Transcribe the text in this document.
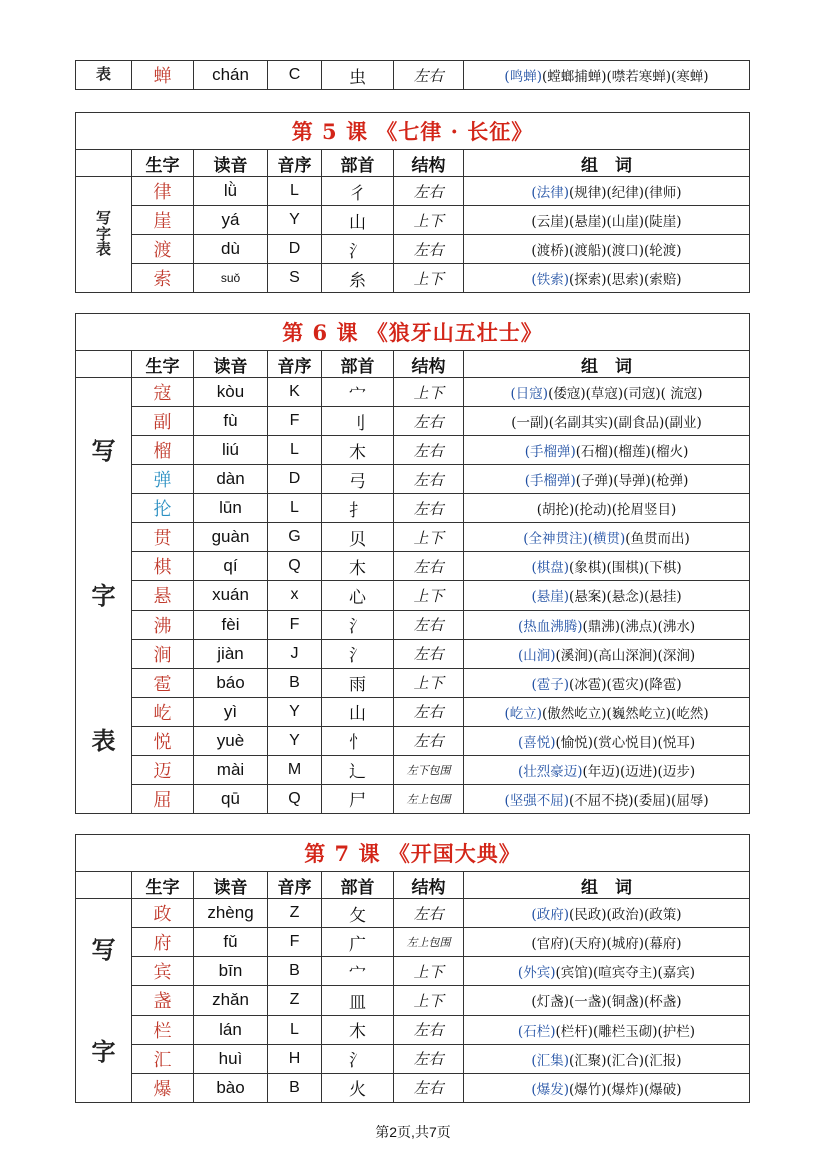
表	蝉	chán	C	虫	左右	(鸣蝉)(螳螂捕蝉)(噤若寒蝉)(寒蝉)
第 5 课 《七律 · 长征》						
	生字	读音	音序	部首	结构	组　词

写字表	律	lǜ	L	彳	左右	(法律)(规律)(纪律)(律师)
	崖	yá	Y	山	上下	(云崖)(悬崖)(山崖)(陡崖)
	渡	dù	D	氵	左右	(渡桥)(渡船)(渡口)(轮渡)
	索	suǒ	S	糸	上下	(铁索)(探索)(思索)(索赔)
第 6 课 《狼牙山五壮士》						
	生字	读音	音序	部首	结构	组　词

写
字
表	寇	kòu	K	宀	上下	(日寇)(倭寇)(草寇)(司寇)( 流寇)
	副	fù	F	刂	左右	(一副)(名副其实)(副食品)(副业)
	榴	liú	L	木	左右	(手榴弹)(石榴)(榴莲)(榴火)
	弹	dàn	D	弓	左右	(手榴弹)(子弹)(导弹)(枪弹)
	抡	lūn	L	扌	左右	(胡抡)(抡动)(抡眉竖目)
	贯	guàn	G	贝	上下	(全神贯注)(横贯)(鱼贯而出)
	棋	qí	Q	木	左右	(棋盘)(象棋)(围棋)(下棋)
	悬	xuán	x	心	上下	(悬崖)(悬案)(悬念)(悬挂)
	沸	fèi	F	氵	左右	(热血沸腾)(鼎沸)(沸点)(沸水)
	涧	jiàn	J	氵	左右	(山涧)(溪涧)(高山深涧)(深涧)
	雹	báo	B	雨	上下	(雹子)(冰雹)(雹灾)(降雹)
	屹	yì	Y	山	左右	(屹立)(傲然屹立)(巍然屹立)(屹然)
	悦	yuè	Y	忄	左右	(喜悦)(愉悦)(赏心悦目)(悦耳)
	迈	mài	M	辶	左下包围	(壮烈豪迈)(年迈)(迈进)(迈步)
	屈	qū	Q	尸	左上包围	(坚强不屈)(不屈不挠)(委屈)(屈辱)
第 7 课 《开国大典》						
	生字	读音	音序	部首	结构	组　词

写
字	政	zhèng	Z	攵	左右	(政府)(民政)(政治)(政策)
	府	fǔ	F	广	左上包围	(官府)(天府)(城府)(幕府)
	宾	bīn	B	宀	上下	(外宾)(宾馆)(喧宾夺主)(嘉宾)
	盏	zhǎn	Z	皿	上下	(灯盏)(一盏)(铜盏)(杯盏)
	栏	lán	L	木	左右	(石栏)(栏杆)(雕栏玉砌)(护栏)
	汇	huì	H	氵	左右	(汇集)(汇聚)(汇合)(汇报)
	爆	bào	B	火	左右	(爆发)(爆竹)(爆炸)(爆破)
第2页,共7页
